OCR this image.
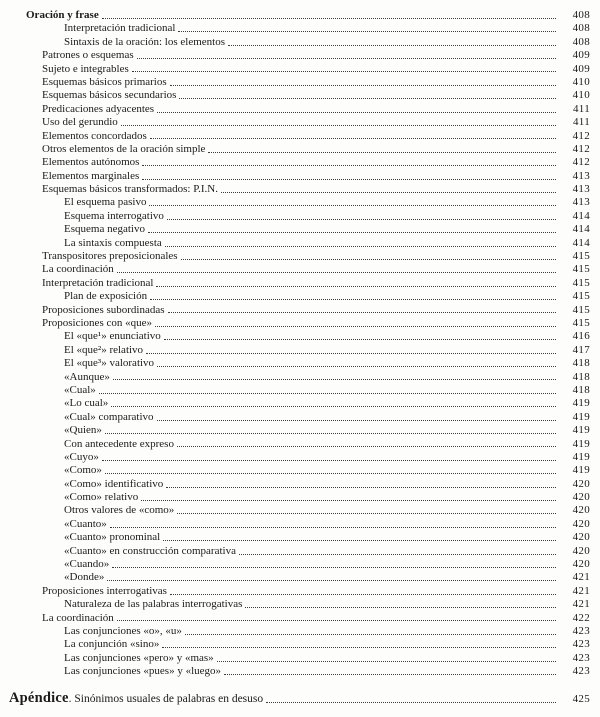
Oración y frase	408
Interpretación tradicional	408
Sintaxis de la oración: los elementos	408
Patrones o esquemas	409
Sujeto e integrables	409
Esquemas básicos primarios	410
Esquemas básicos secundarios	410
Predicaciones adyacentes	411
Uso del gerundio	411
Elementos concordados	412
Otros elementos de la oración simple	412
Elementos autónomos	412
Elementos marginales	413
Esquemas básicos transformados: P.I.N.	413
El esquema pasivo	413
Esquema interrogativo	414
Esquema negativo	414
La sintaxis compuesta	414
Transpositores preposicionales	415
La coordinación	415
Interpretación tradicional	415
Plan de exposición	415
Proposiciones subordinadas	415
Proposiciones con «que»	415
El «que¹» enunciativo	416
El «que²» relativo	417
El «que³» valorativo	418
«Aunque»	418
«Cual»	418
«Lo cual»	419
«Cual» comparativo	419
«Quien»	419
Con antecedente expreso	419
«Cuyo»	419
«Como»	419
«Como» identificativo	420
«Como» relativo	420
Otros valores de «como»	420
«Cuanto»	420
«Cuanto» pronominal	420
«Cuanto» en construcción comparativa	420
«Cuando»	420
«Donde»	421
Proposiciones interrogativas	421
Naturaleza de las palabras interrogativas	421
La coordinación	422
Las conjunciones «o», «u»	423
La conjunción «sino»	423
Las conjunciones «pero» y «mas»	423
Las conjunciones «pues» y «luego»	423
Apéndice. Sinónimos usuales de palabras en desuso	425
